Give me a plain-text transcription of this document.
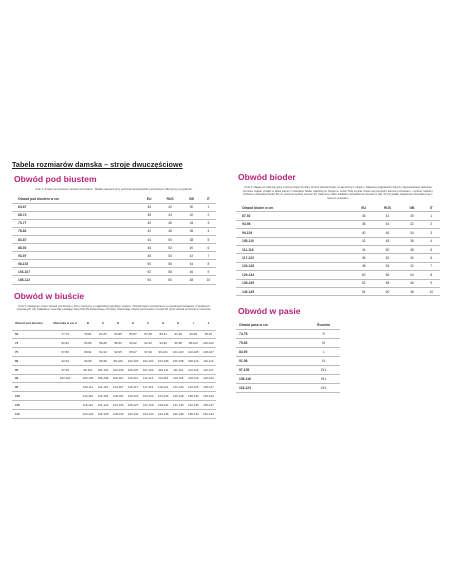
Tabela rozmiarów damska – stroje dwuczęściowe
Obwód pod biustem
Krok 1: Zmierz centymetrem obwód pod biustem. Tasiłka zapinana przy poziomie bezpośrednio pod biustem. Mierzymy na wydechu.
Obwód pod biustem w cm	EU	RUS	GB	IT
63-67	36	42	30	1
68-72	38	44	32	2
73-77	40	46	34	3
78-82	42	48	36	4
83-87	44	50	38	5
88-92	46	52	40	6
93-97	48	54	42	7
98-102	50	56	44	8
103-107	52	58	46	9
108-112	54	60	48	10
Obwód w biuście
Krok 2: Następnie zmierz obwód pod biustem, który mierzymy w najbardziej wypukłym miejscu. Obwód biustu wyznaczamy na wysokości brodawek. Z podanych rozpisanych cyfr zakładamy miseczkę ustalając literę D/E dla konkretnego rozmiaru. Wybierając obwód pod biustem rozmiar 60 przez obwód w biuście w miseczce.
Obwód pod biustem	Miseczka w cm A	B	C	D	E	F	G	H	I	J
65	77-79	79-81	81-83	83-85	85-87	87-89	89-91	91-93	93-95	95-97
70	82-84	84-86	86-88	88-90	90-92	92-94	94-96	96-98	98-100	100-102
75	87-89	89-91	91-93	93-95	95-97	97-99	99-101	101-103	103-105	105-107
80	92-94	94-96	96-98	98-100	100-102	102-104	104-106	106-108	108-110	110-112
85	97-99	99-101	101-103	103-105	105-107	107-109	109-111	111-113	113-115	115-117
90	102-104	104-106	106-108	108-110	110-112	112-114	114-116	116-118	118-120	120-122
95		109-111	111-113	113-115	115-117	117-119	119-121	121-123	123-125	125-127
100		114-116	116-118	118-120	120-122	122-124	124-126	126-128	128-130	130-132
105		119-121	121-123	123-125	125-127	127-129	129-131	131-133	133-135	135-137
110		124-126	126-128	128-130	130-132	132-134	134-136	136-138	138-140	140-142
Obwód bioder
Krok 3: Mając już wybrany górę można przejść do dołu. Zmierz obwód bioder w najszerszym miejscu. Najwięcej wątpliwości dotyczy odpowiedniego dobrania rozmiaru majtek. Znajdź w tabeli wiersz z obwodem bioder najbliższym Twojemu. Jeżeli Twój wymiar mieści się pomiędzy dwoma rozmiarami – wybierz większy. Kobieta o obwodzie bioder 96 cm powinna wybrać rozmiar 40. Zalecamy także dokładne sprawdzenie obwodu w talii. W przypadku wątpliwości skontaktuj się z naszym zespołem.
Obwód bioder w cm	EU	RUS	GB	IT
87-92	36	42	30	1
93-98	38	44	32	2
99-104	40	46	34	3
105-110	42	48	36	4
111-116	44	50	38	5
117-122	46	52	40	6
123-128	48	54	42	7
129-134	50	56	44	8
135-139	52	58	46	9
140-145	54	60	48	10
Obwód w pasie
Obwód pasa w cm	Rozmiar
74-78	S
79-83	M
84-90	L
91-96	XL
97-105	2XL
106-116	3XL
116-124	4XL
